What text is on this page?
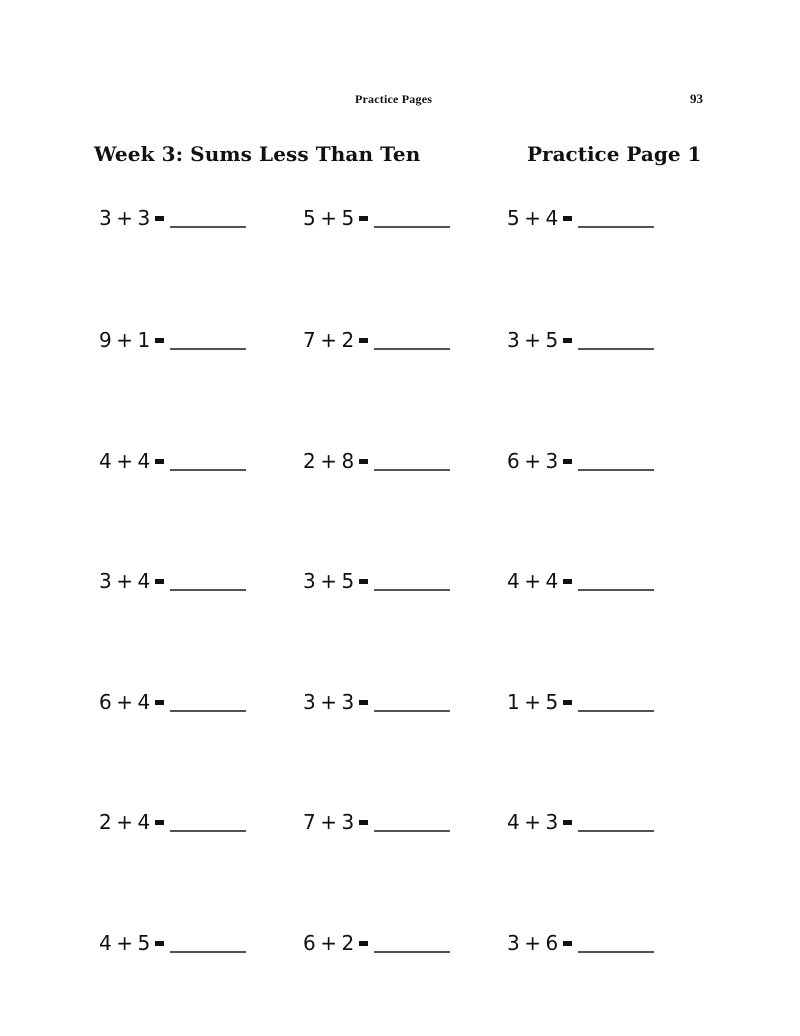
Practice Pages	93
Week 3: Sums Less Than Ten	Practice Page 1
3 + 3	5 + 5	5 + 4
9 + 1	7 + 2	3 + 5
4 + 4	2 + 8	6 + 3
3 + 4	3 + 5	4 + 4
6 + 4	3 + 3	1 + 5
2 + 4	7 + 3	4 + 3
4 + 5	6 + 2	3 + 6
